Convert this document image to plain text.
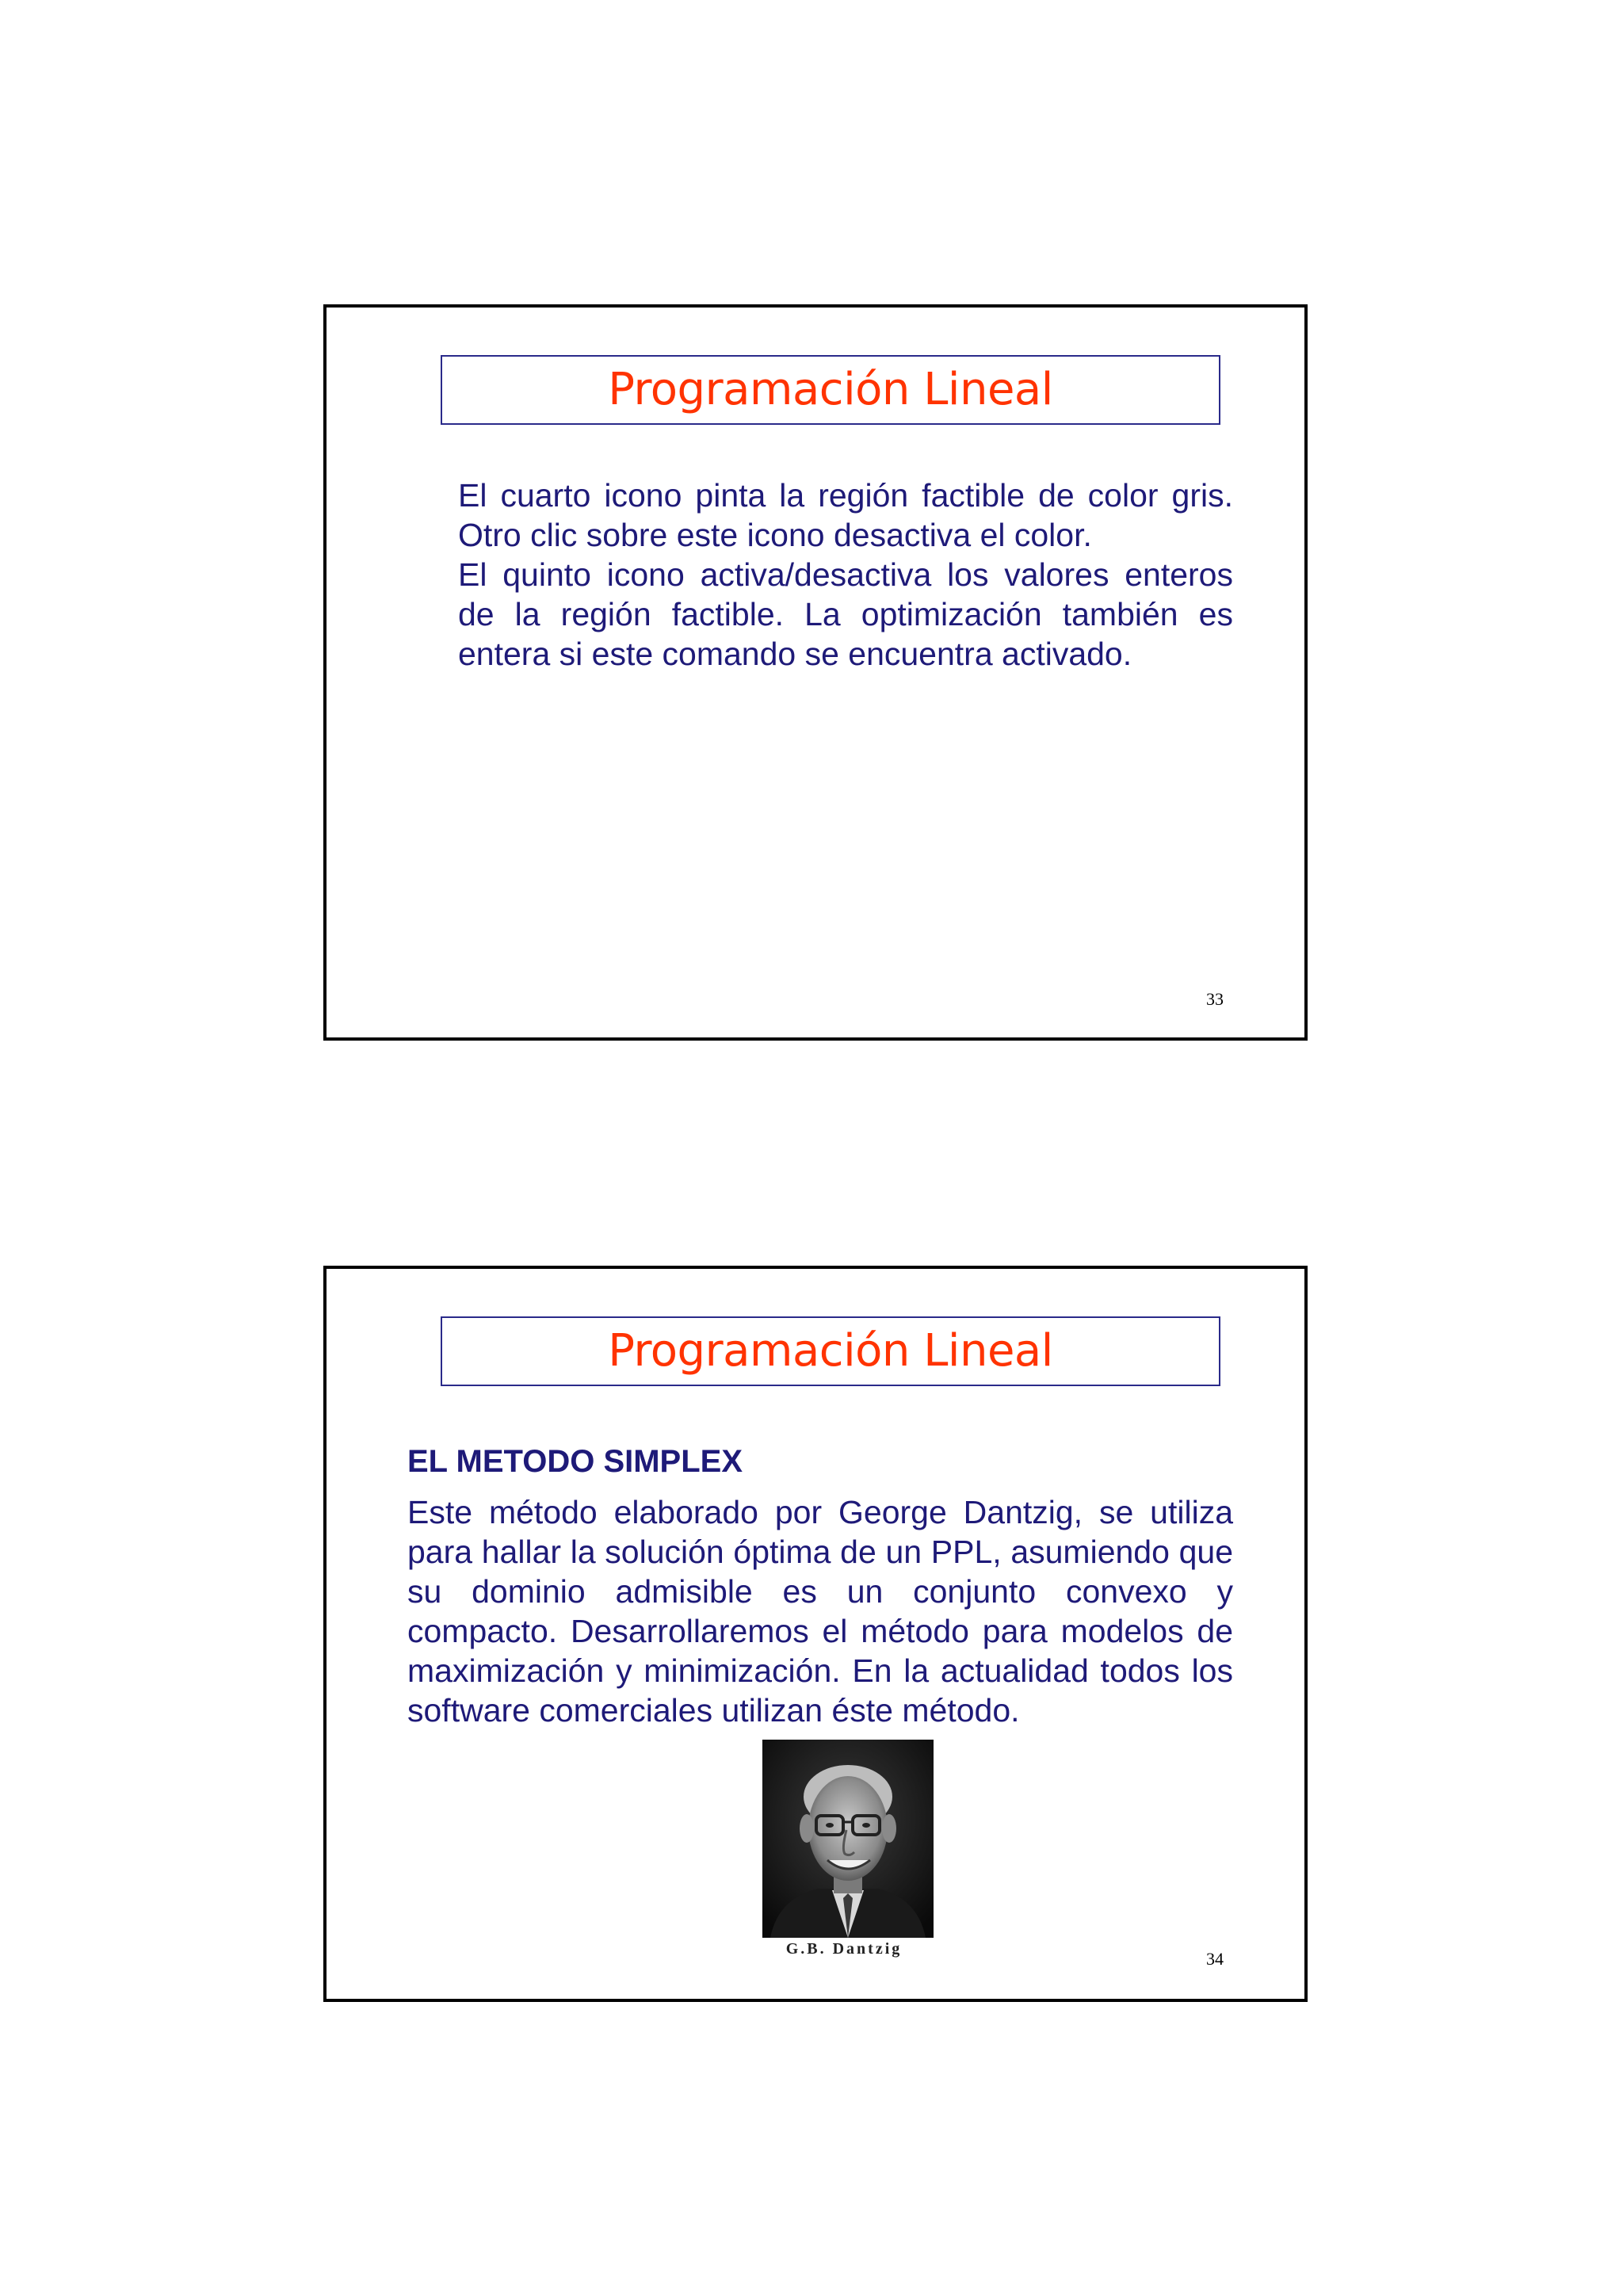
Programación Lineal

El cuarto icono pinta la región factible de color gris. Otro clic sobre este icono desactiva el color.

El quinto icono activa/desactiva los valores enteros de la región factible. La optimización también es entera si este comando se encuentra activado.

33
Programación Lineal
EL METODO SIMPLEX

Este método elaborado por George Dantzig, se utiliza para hallar la solución óptima de un PPL, asumiendo que su dominio admisible es un conjunto convexo y compacto. Desarrollaremos el método para modelos de maximización y minimización. En la actualidad todos los software comerciales utilizan éste método.

G.B. Dantzig	34
